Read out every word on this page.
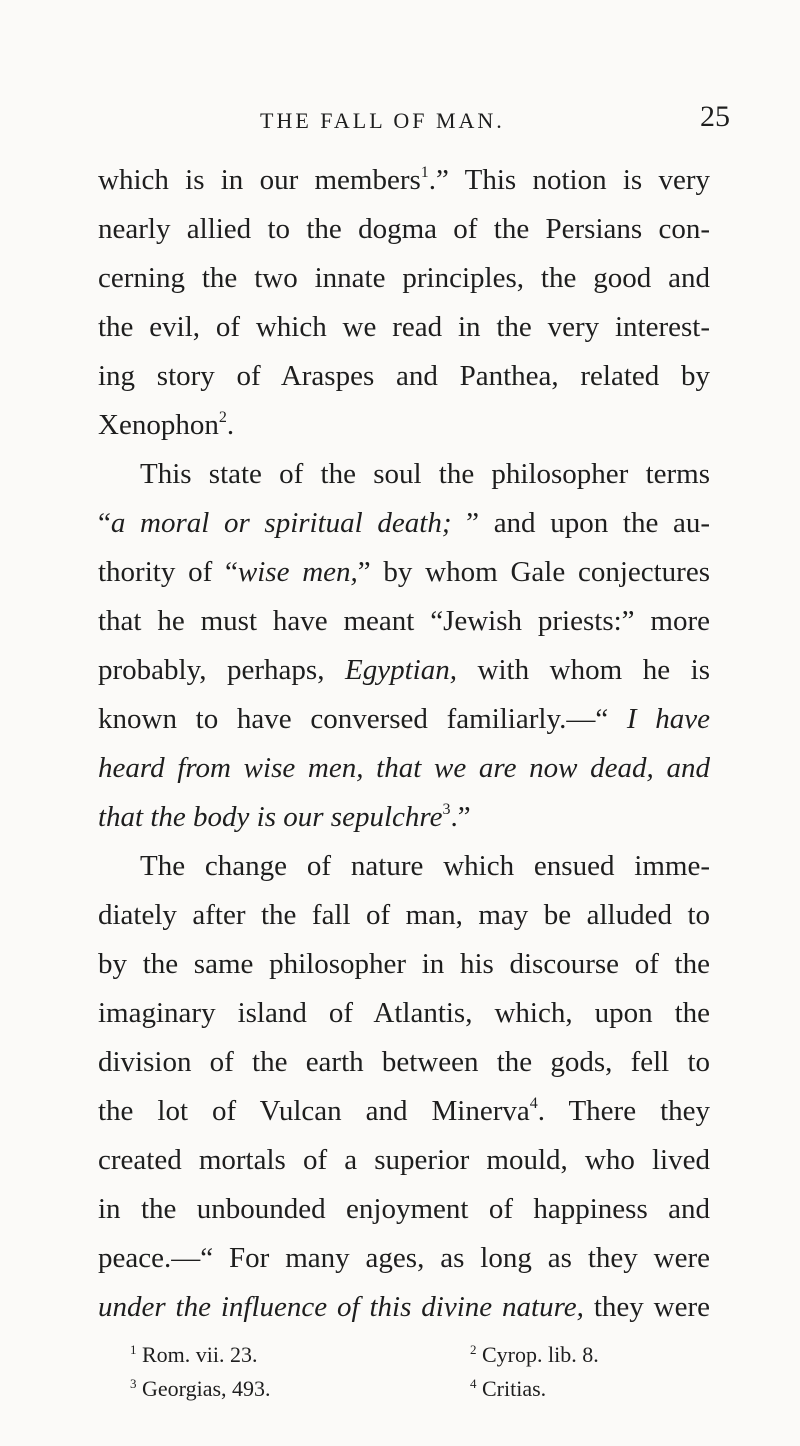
THE FALL OF MAN.	25
which is in our members$^1$.” This notion is very
nearly allied to the dogma of the Persians con-
cerning the two innate principles, the good and
the evil, of which we read in the very interest-
ing story of Araspes and Panthea, related by
Xenophon$^2$.
This state of the soul the philosopher terms
“a moral or spiritual death; ” and upon the au-
thority of “wise men,” by whom Gale conjectures
that he must have meant “Jewish priests:” more
probably, perhaps, Egyptian, with whom he is
known to have conversed familiarly.—“ I have
heard from wise men, that we are now dead, and
that the body is our sepulchre$^3$.”
The change of nature which ensued imme-
diately after the fall of man, may be alluded to
by the same philosopher in his discourse of the
imaginary island of Atlantis, which, upon the
division of the earth between the gods, fell to
the lot of Vulcan and Minerva$^4$. There they
created mortals of a superior mould, who lived
in the unbounded enjoyment of happiness and
peace.—“ For many ages, as long as they were
under the influence of this divine nature, they were
$^1$ Rom. vii. 23.	$^2$ Cyrop. lib. 8.
$^3$ Georgias, 493.	$^4$ Critias.
